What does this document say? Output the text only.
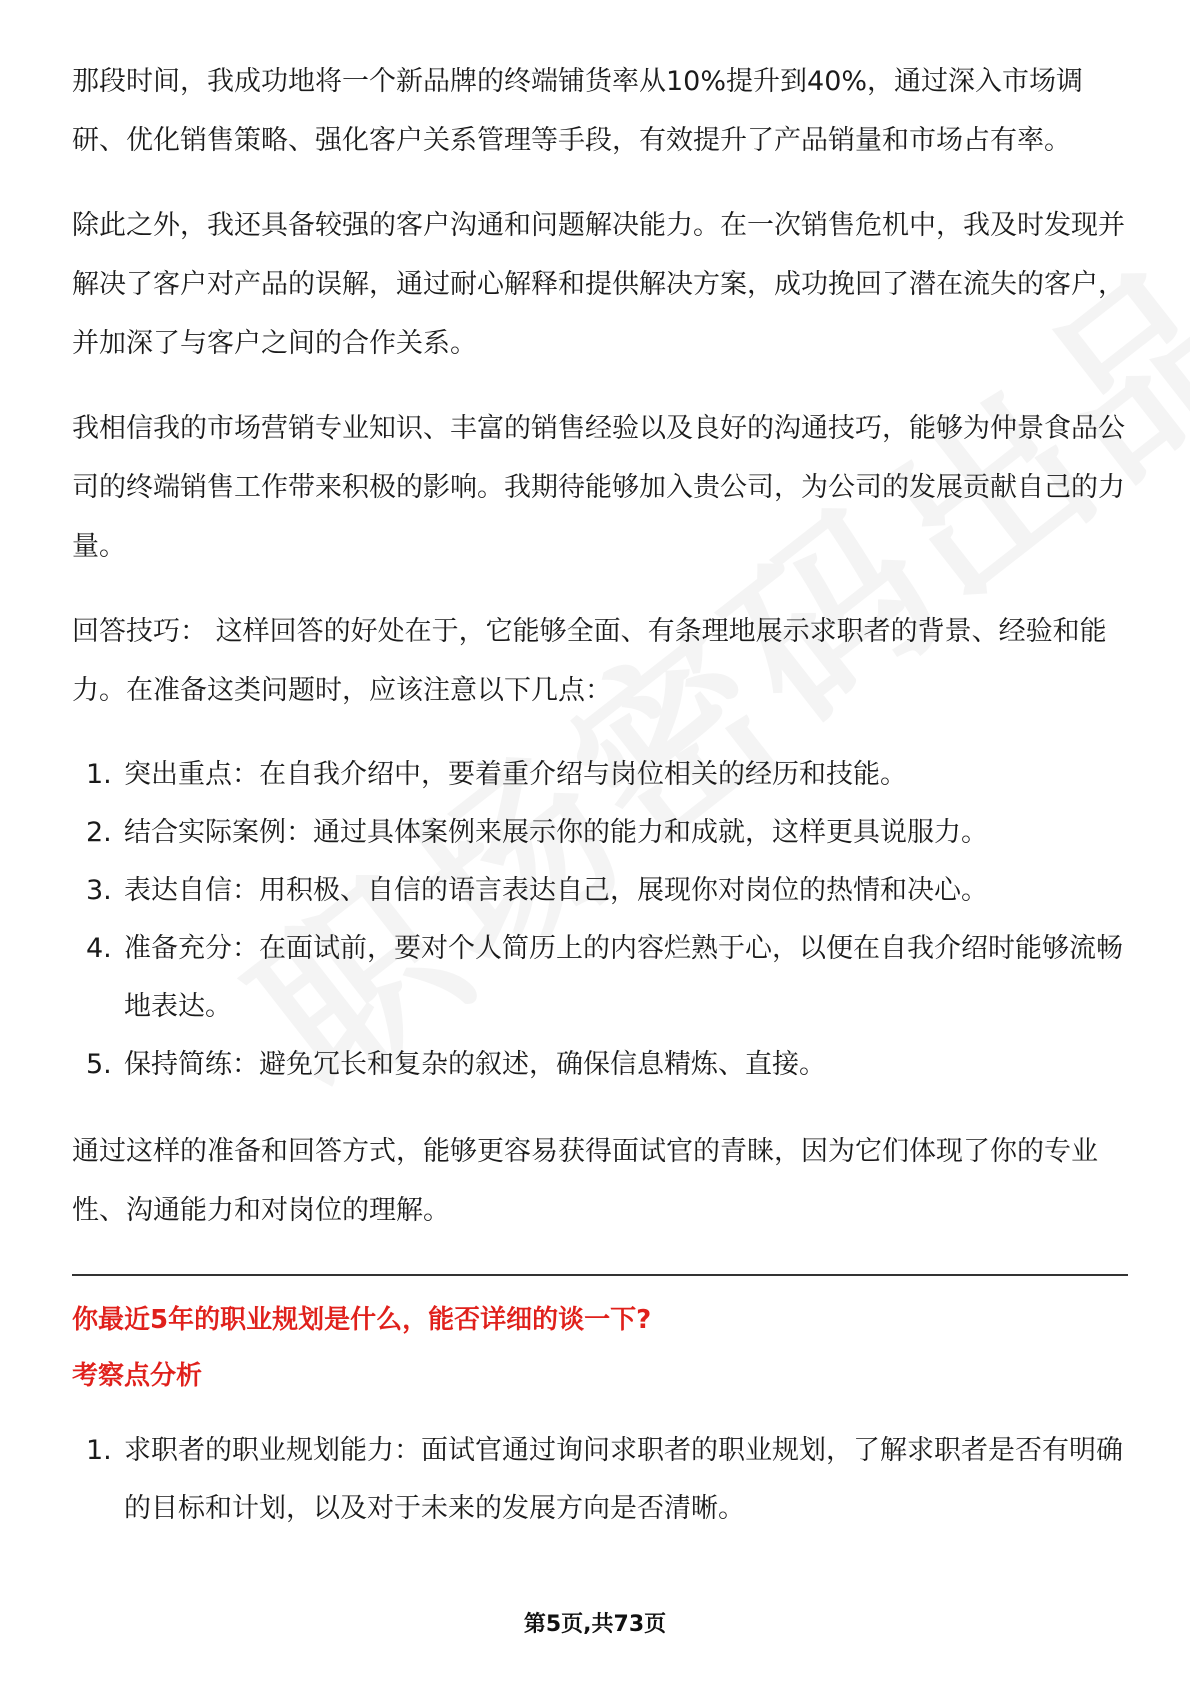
那段时间，我成功地将一个新品牌的终端铺货率从10%提升到40%，通过深入市场调研、优化销售策略、强化客户关系管理等手段，有效提升了产品销量和市场占有率。

除此之外，我还具备较强的客户沟通和问题解决能力。在一次销售危机中，我及时发现并解决了客户对产品的误解，通过耐心解释和提供解决方案，成功挽回了潜在流失的客户，并加深了与客户之间的合作关系。

我相信我的市场营销专业知识、丰富的销售经验以及良好的沟通技巧，能够为仲景食品公司的终端销售工作带来积极的影响。我期待能够加入贵公司，为公司的发展贡献自己的力量。

回答技巧： 这样回答的好处在于，它能够全面、有条理地展示求职者的背景、经验和能力。在准备这类问题时，应该注意以下几点：

1. 突出重点：在自我介绍中，要着重介绍与岗位相关的经历和技能。
2. 结合实际案例：通过具体案例来展示你的能力和成就，这样更具说服力。
3. 表达自信：用积极、自信的语言表达自己，展现你对岗位的热情和决心。
4. 准备充分：在面试前，要对个人简历上的内容烂熟于心，以便在自我介绍时能够流畅地表达。
5. 保持简练：避免冗长和复杂的叙述，确保信息精炼、直接。

通过这样的准备和回答方式，能够更容易获得面试官的青睐，因为它们体现了你的专业性、沟通能力和对岗位的理解。

你最近5年的职业规划是什么，能否详细的谈一下?
考察点分析
1. 求职者的职业规划能力：面试官通过询问求职者的职业规划，了解求职者是否有明确的目标和计划，以及对于未来的发展方向是否清晰。
第5页,共73页
